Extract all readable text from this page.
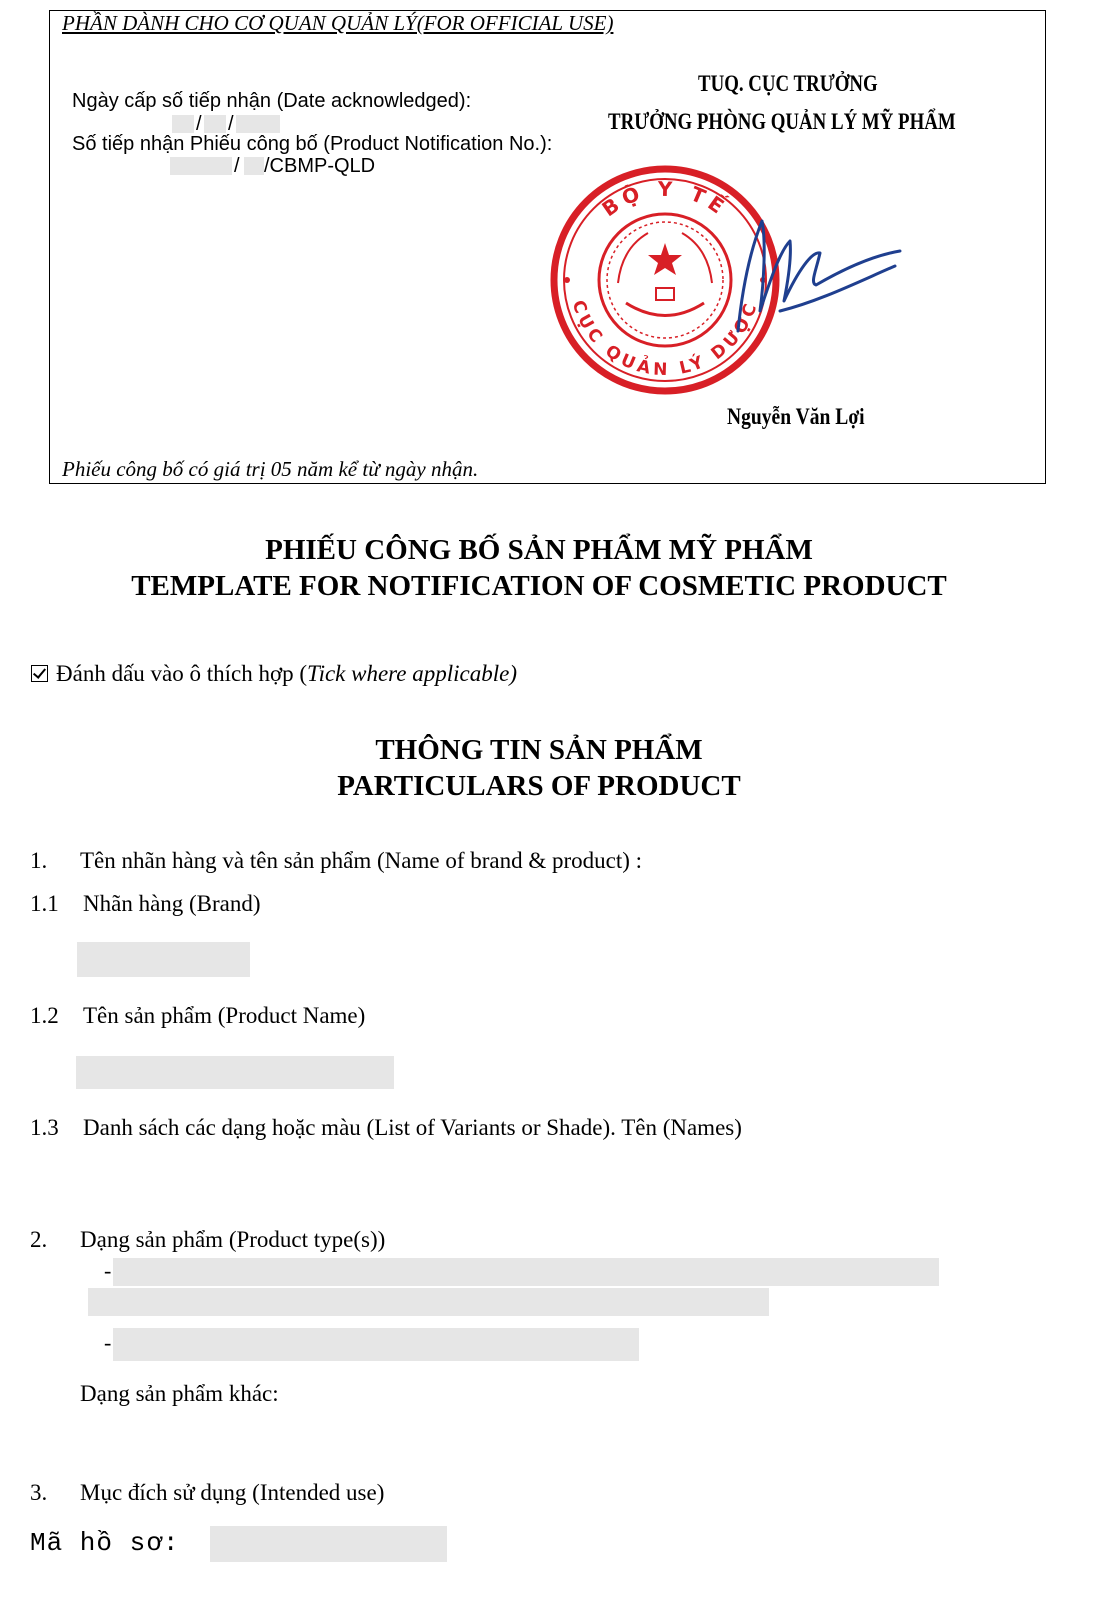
PHẦN DÀNH CHO CƠ QUAN QUẢN LÝ(FOR OFFICIAL USE)
Ngày cấp số tiếp nhận (Date acknowledged):
/ /
Số tiếp nhận Phiếu công bố (Product Notification No.):
/ /CBMP-QLD
TUQ. CỤC TRƯỞNG
TRƯỞNG PHÒNG QUẢN LÝ MỸ PHẨM
BỘ Y TẾ
CỤC QUẢN LÝ DƯỢC
Nguyễn Văn Lợi
Phiếu công bố có giá trị 05 năm kể từ ngày nhận.
PHIẾU CÔNG BỐ SẢN PHẨM MỸ PHẨM
TEMPLATE FOR NOTIFICATION OF COSMETIC PRODUCT
Đánh dấu vào ô thích hợp (Tick where applicable)
THÔNG TIN SẢN PHẨM
PARTICULARS OF PRODUCT
1. Tên nhãn hàng và tên sản phẩm (Name of brand & product) :
1.1 Nhãn hàng (Brand)
1.2 Tên sản phẩm (Product Name)
1.3 Danh sách các dạng hoặc màu (List of Variants or Shade). Tên (Names)
2. Dạng sản phẩm (Product type(s))
-
-
Dạng sản phẩm khác:
3. Mục đích sử dụng (Intended use)
Mã hồ sơ:
